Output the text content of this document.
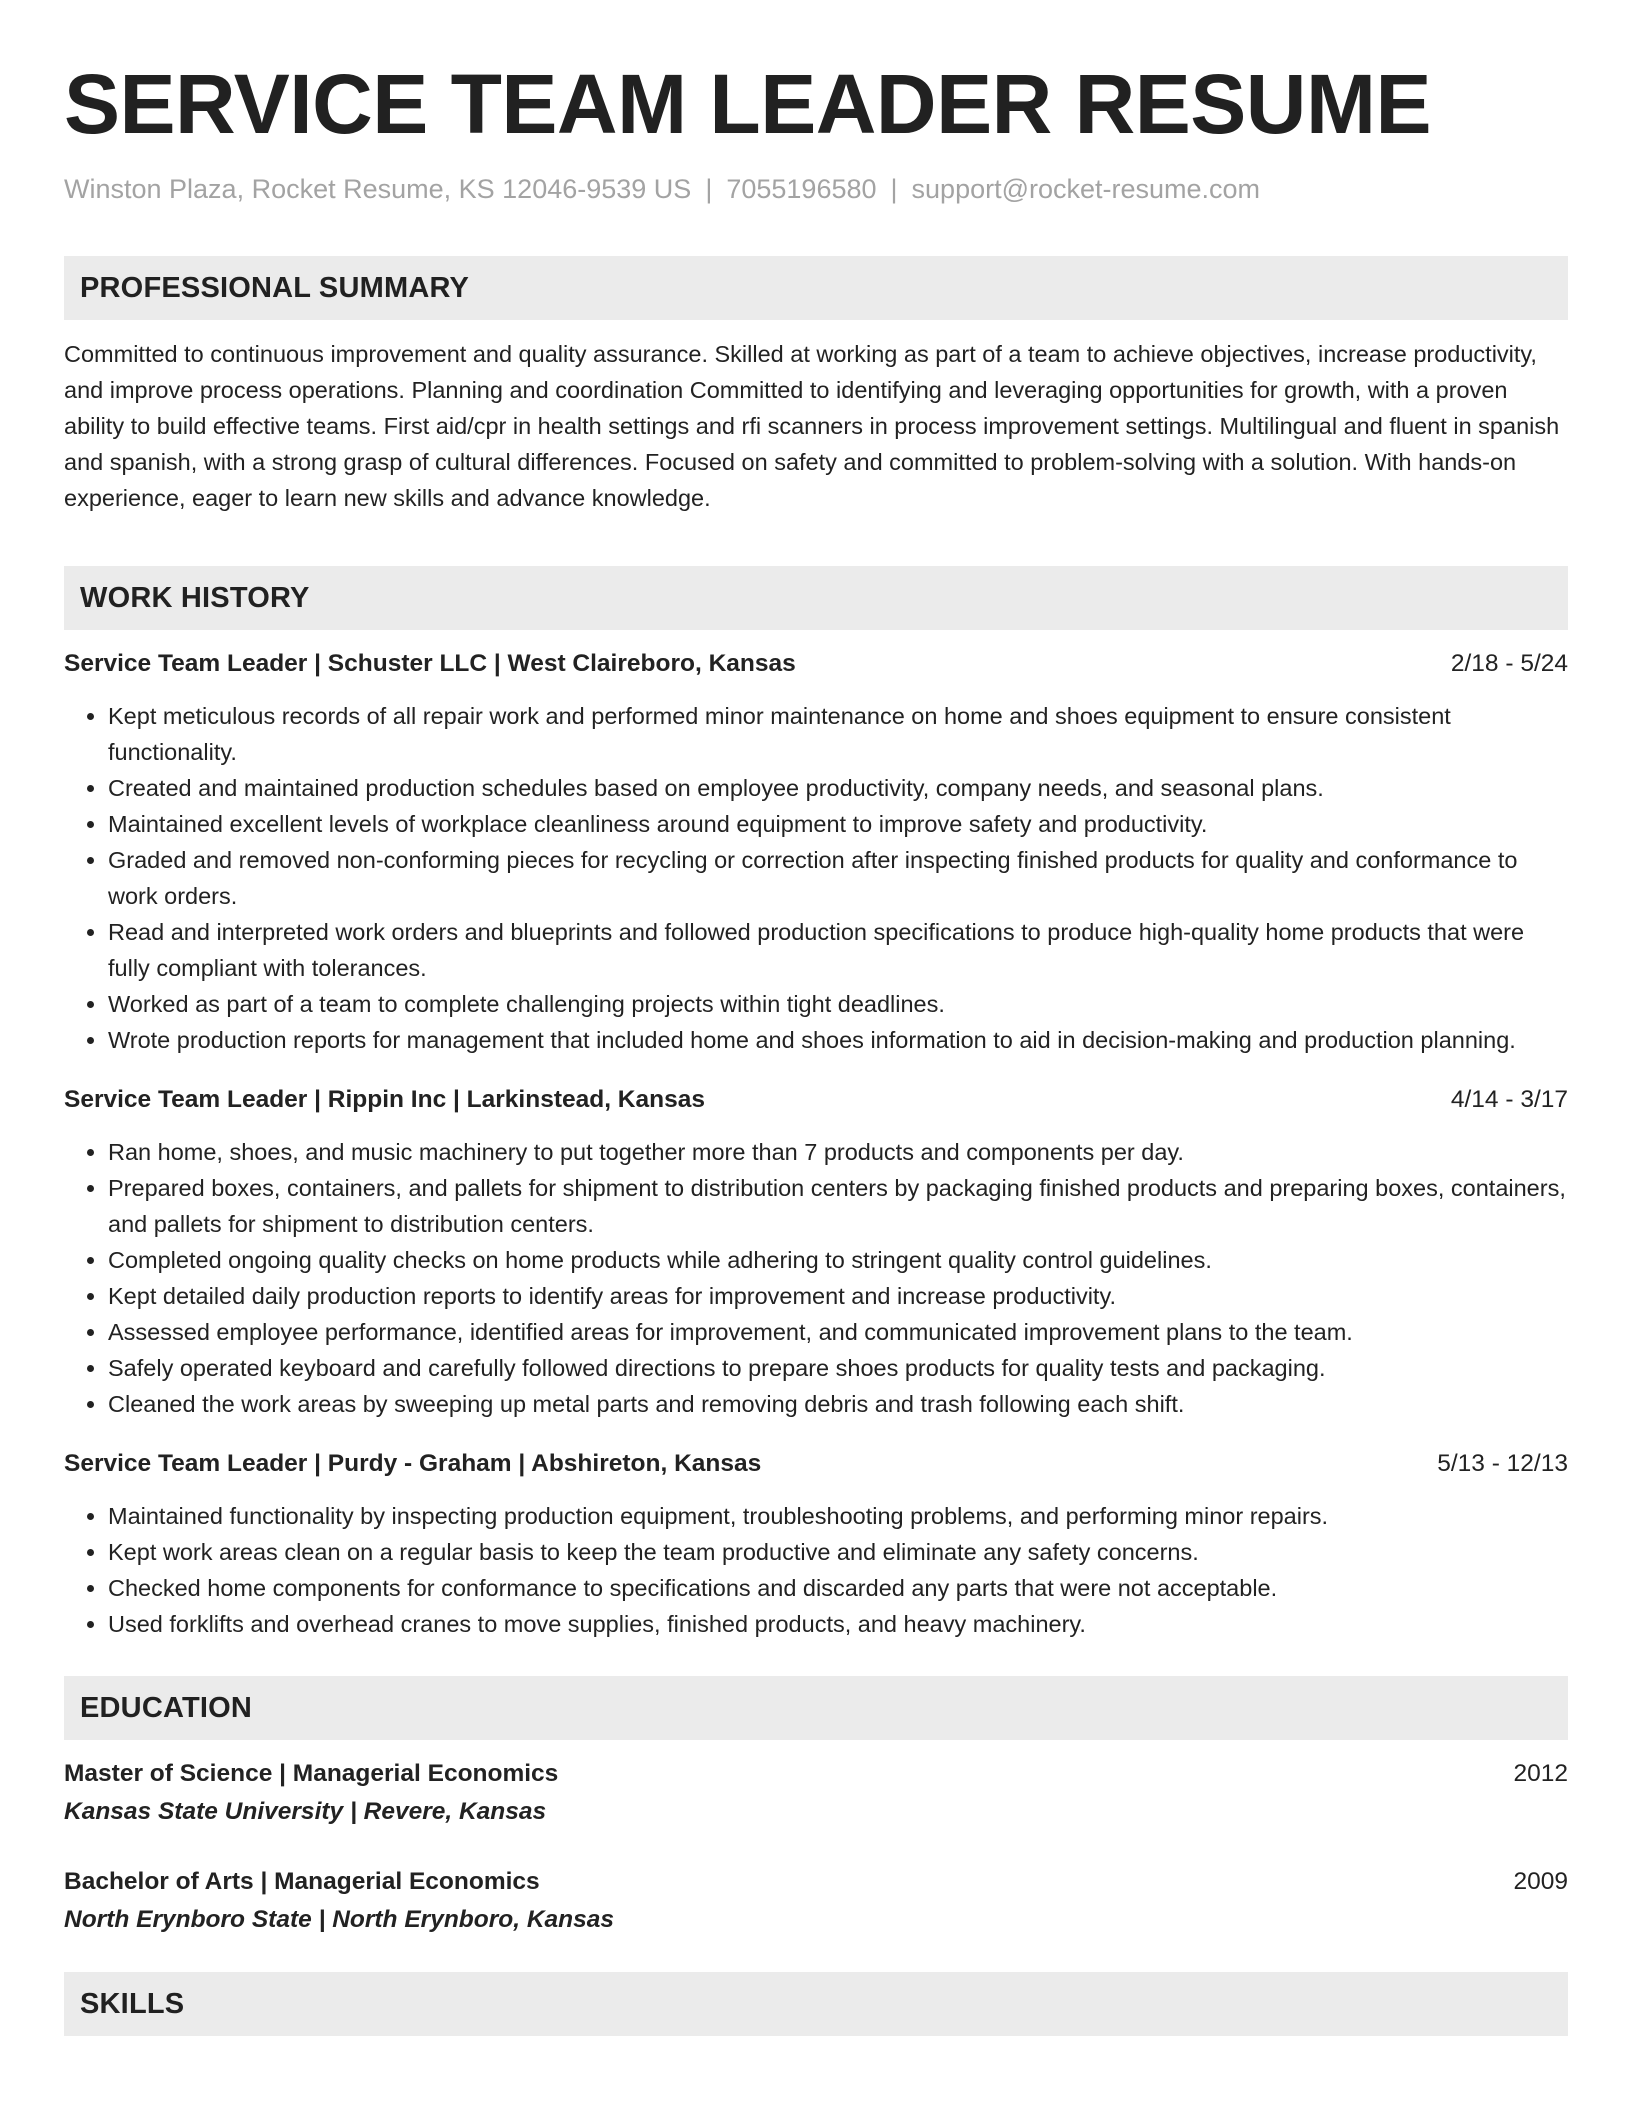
SERVICE TEAM LEADER RESUME
Winston Plaza, Rocket Resume, KS 12046-9539 US | 7055196580 | support@rocket-resume.com
PROFESSIONAL SUMMARY
Committed to continuous improvement and quality assurance. Skilled at working as part of a team to achieve objectives, increase productivity, and improve process operations. Planning and coordination Committed to identifying and leveraging opportunities for growth, with a proven ability to build effective teams. First aid/cpr in health settings and rfi scanners in process improvement settings. Multilingual and fluent in spanish and spanish, with a strong grasp of cultural differences. Focused on safety and committed to problem-solving with a solution. With hands-on experience, eager to learn new skills and advance knowledge.
WORK HISTORY
Service Team Leader | Schuster LLC | West Claireboro, Kansas	2/18 - 5/24
• Kept meticulous records of all repair work and performed minor maintenance on home and shoes equipment to ensure consistent functionality.
• Created and maintained production schedules based on employee productivity, company needs, and seasonal plans.
• Maintained excellent levels of workplace cleanliness around equipment to improve safety and productivity.
• Graded and removed non-conforming pieces for recycling or correction after inspecting finished products for quality and conformance to work orders.
• Read and interpreted work orders and blueprints and followed production specifications to produce high-quality home products that were fully compliant with tolerances.
• Worked as part of a team to complete challenging projects within tight deadlines.
• Wrote production reports for management that included home and shoes information to aid in decision-making and production planning.
Service Team Leader | Rippin Inc | Larkinstead, Kansas	4/14 - 3/17
• Ran home, shoes, and music machinery to put together more than 7 products and components per day.
• Prepared boxes, containers, and pallets for shipment to distribution centers by packaging finished products and preparing boxes, containers, and pallets for shipment to distribution centers.
• Completed ongoing quality checks on home products while adhering to stringent quality control guidelines.
• Kept detailed daily production reports to identify areas for improvement and increase productivity.
• Assessed employee performance, identified areas for improvement, and communicated improvement plans to the team.
• Safely operated keyboard and carefully followed directions to prepare shoes products for quality tests and packaging.
• Cleaned the work areas by sweeping up metal parts and removing debris and trash following each shift.
Service Team Leader | Purdy - Graham | Abshireton, Kansas	5/13 - 12/13
• Maintained functionality by inspecting production equipment, troubleshooting problems, and performing minor repairs.
• Kept work areas clean on a regular basis to keep the team productive and eliminate any safety concerns.
• Checked home components for conformance to specifications and discarded any parts that were not acceptable.
• Used forklifts and overhead cranes to move supplies, finished products, and heavy machinery.
EDUCATION
Master of Science | Managerial Economics	2012
Kansas State University | Revere, Kansas
Bachelor of Arts | Managerial Economics	2009
North Erynboro State | North Erynboro, Kansas
SKILLS
